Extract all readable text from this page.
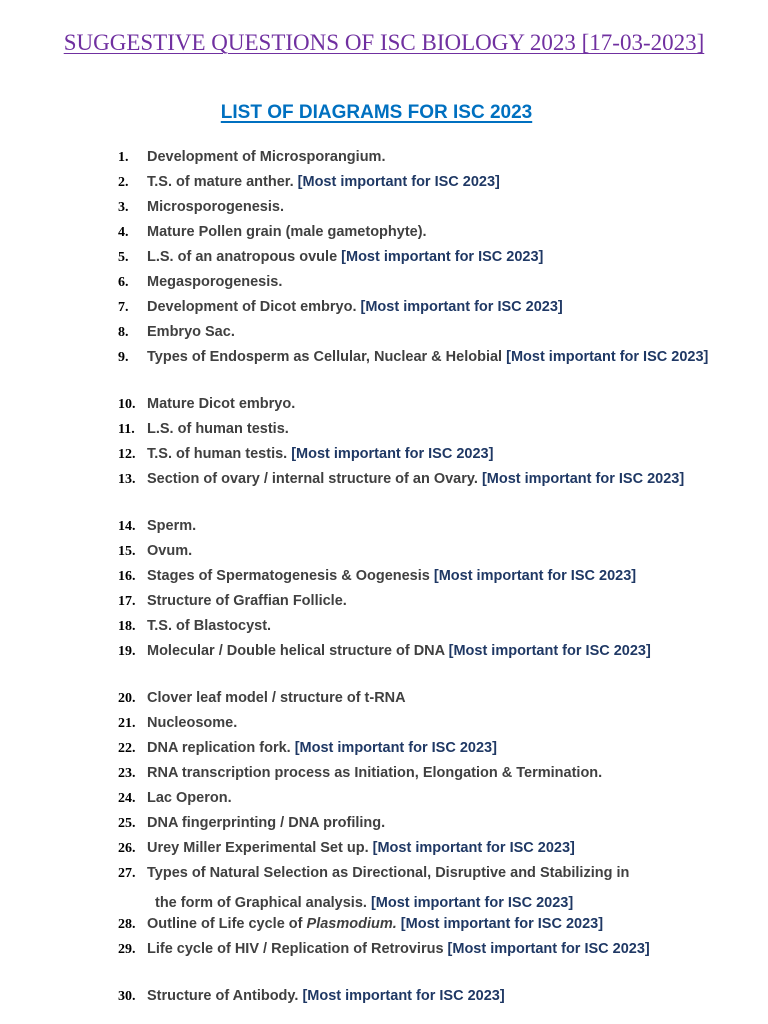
SUGGESTIVE QUESTIONS OF ISC BIOLOGY 2023 [17-03-2023]
LIST OF DIAGRAMS FOR ISC 2023
1. Development of Microsporangium.
2. T.S. of mature anther. [Most important for ISC 2023]
3. Microsporogenesis.
4. Mature Pollen grain (male gametophyte).
5. L.S. of an anatropous ovule [Most important for ISC 2023]
6. Megasporogenesis.
7. Development of Dicot embryo. [Most important for ISC 2023]
8. Embryo Sac.
9. Types of Endosperm as Cellular, Nuclear & Helobial [Most important for ISC 2023]
10. Mature Dicot embryo.
11. L.S. of human testis.
12. T.S. of human testis. [Most important for ISC 2023]
13. Section of ovary / internal structure of an Ovary. [Most important for ISC 2023]
14. Sperm.
15. Ovum.
16. Stages of Spermatogenesis & Oogenesis [Most important for ISC 2023]
17. Structure of Graffian Follicle.
18. T.S. of Blastocyst.
19. Molecular / Double helical structure of DNA [Most important for ISC 2023]
20. Clover leaf model / structure of t-RNA
21. Nucleosome.
22. DNA replication fork. [Most important for ISC 2023]
23. RNA transcription process as Initiation, Elongation & Termination.
24. Lac Operon.
25. DNA fingerprinting / DNA profiling.
26. Urey Miller Experimental Set up. [Most important for ISC 2023]
27. Types of Natural Selection as Directional, Disruptive and Stabilizing in
the form of Graphical analysis. [Most important for ISC 2023]
28. Outline of Life cycle of Plasmodium. [Most important for ISC 2023]
29. Life cycle of HIV / Replication of Retrovirus [Most important for ISC 2023]
30. Structure of Antibody. [Most important for ISC 2023]
